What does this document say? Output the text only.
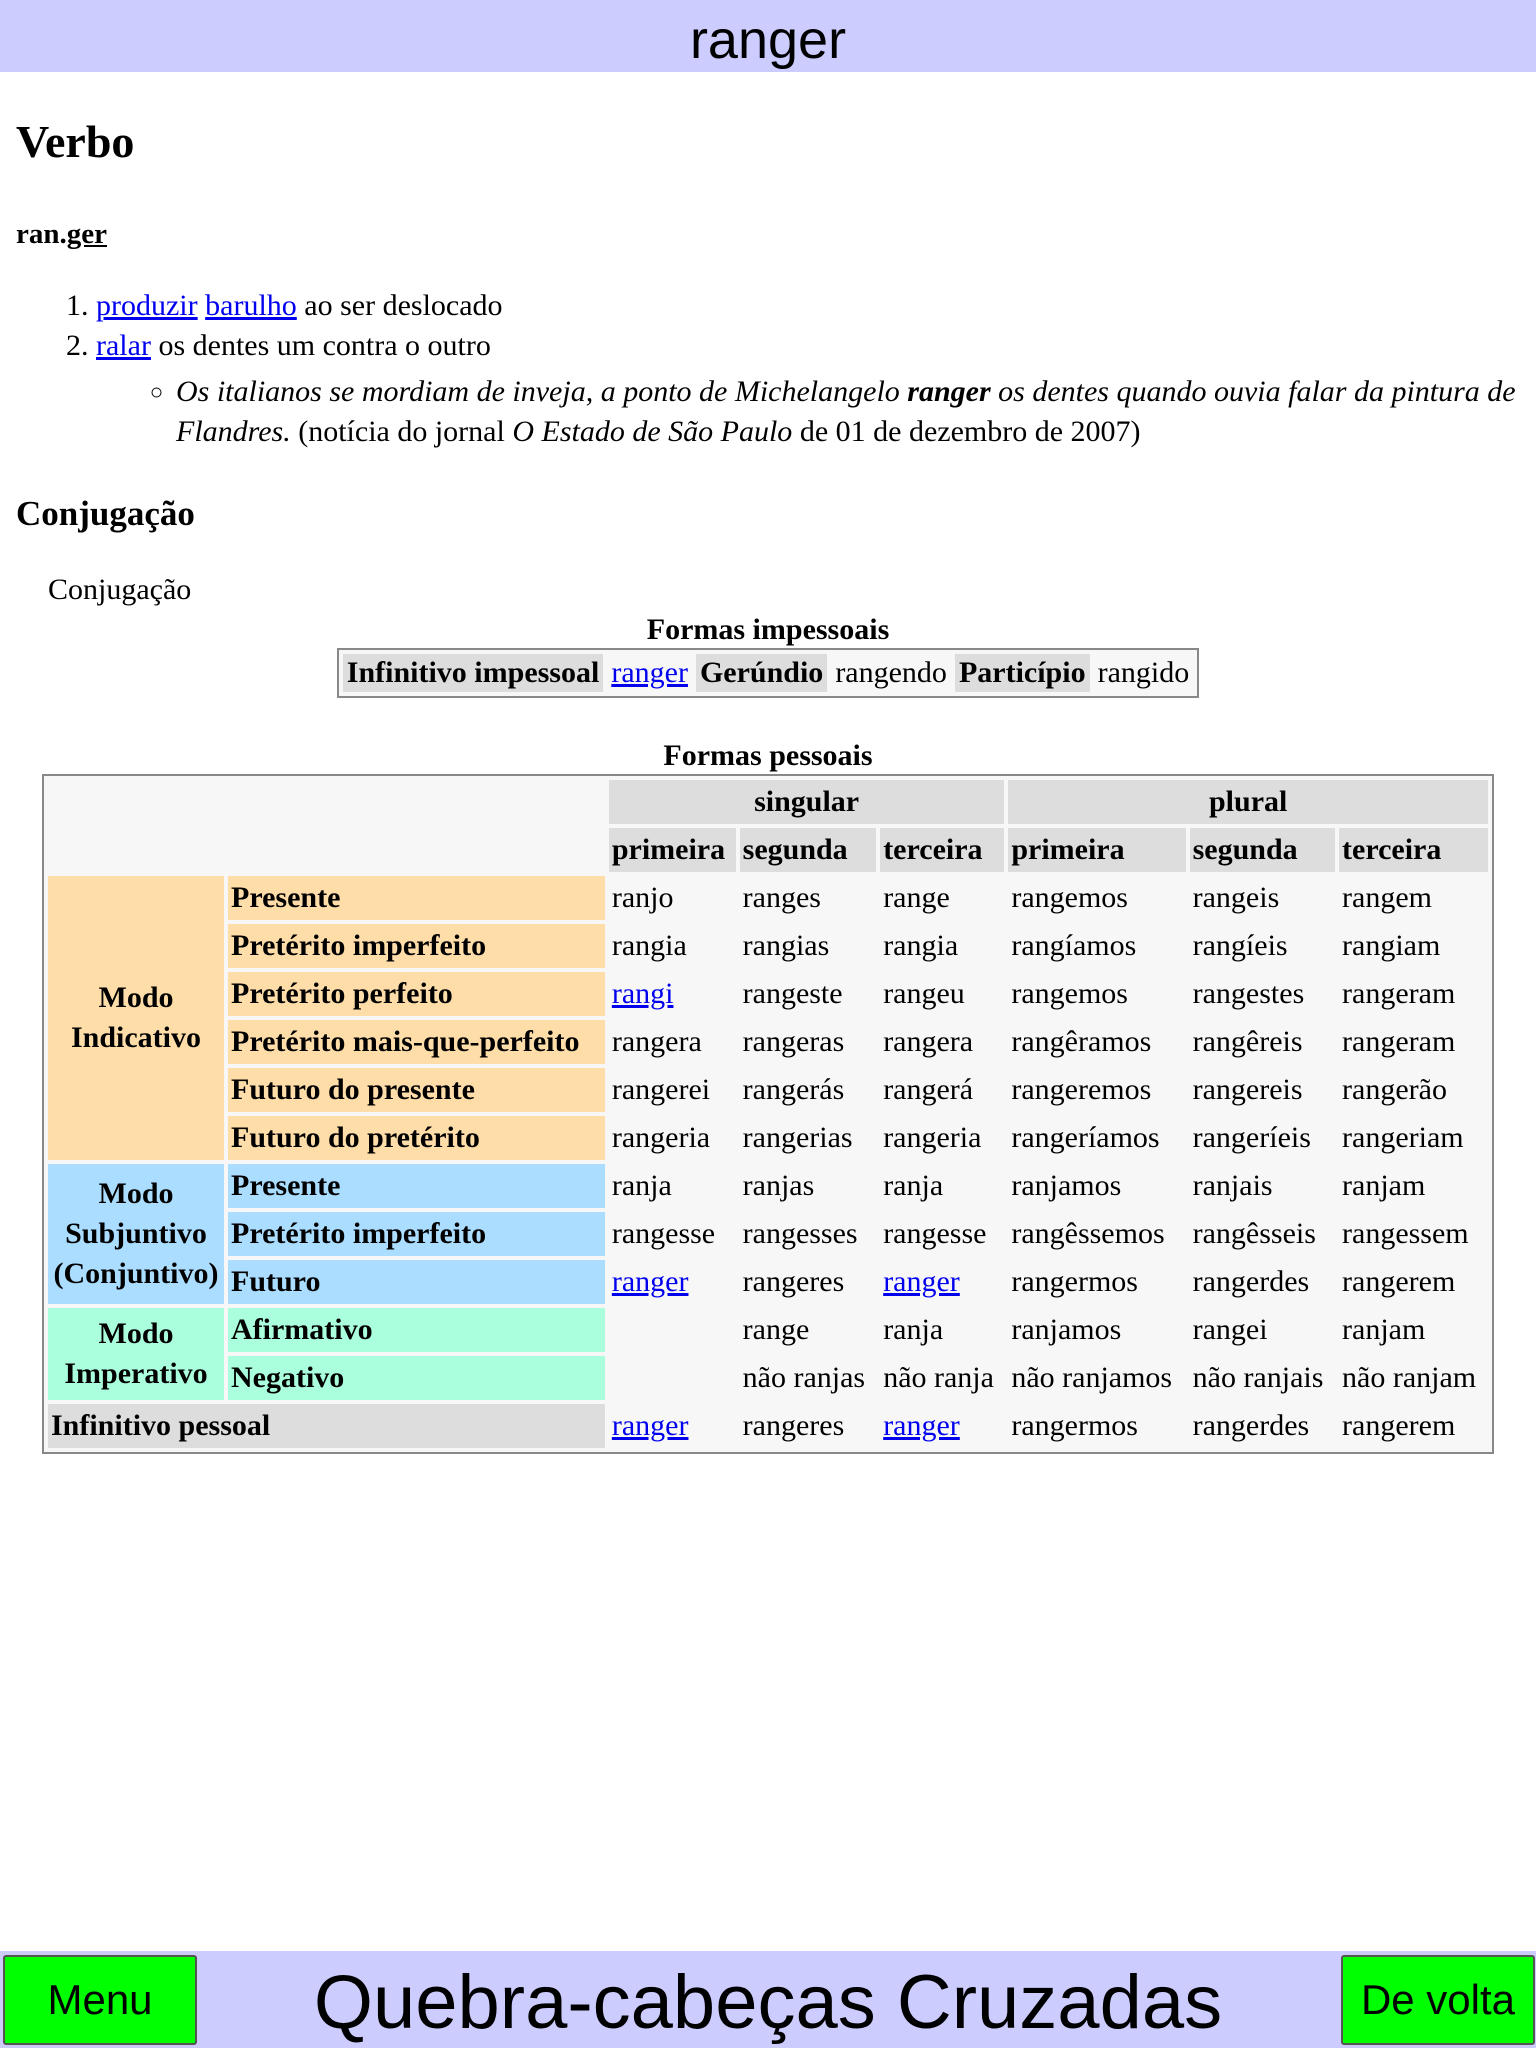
ranger
Verbo
ran.ger
1. produzir barulho ao ser deslocado
2. ralar os dentes um contra o outro
◦ Os italianos se mordiam de inveja, a ponto de Michelangelo ranger os dentes quando ouvia falar da pintura de Flandres. (notícia do jornal O Estado de São Paulo de 01 de dezembro de 2007)
Conjugação
Conjugação
Formas impessoais
Infinitivo impessoal	ranger	Gerúndio	rangendo	Particípio	rangido
Formas pessoais
		singular			plural		
		primeira	segunda	terceira	primeira	segunda	terceira
Modo Indicativo	Presente	ranjo	ranges	range	rangemos	rangeis	rangem
	Pretérito imperfeito	rangia	rangias	rangia	rangíamos	rangíeis	rangiam
	Pretérito perfeito	rangi	rangeste	rangeu	rangemos	rangestes	rangeram
	Pretérito mais-que-perfeito	rangera	rangeras	rangera	rangêramos	rangêreis	rangeram
	Futuro do presente	rangerei	rangerás	rangerá	rangeremos	rangereis	rangerão
	Futuro do pretérito	rangeria	rangerias	rangeria	rangeríamos	rangeríeis	rangeriam

Modo
Subjuntivo
(Conjuntivo)	Presente	ranja	ranjas	ranja	ranjamos	ranjais	ranjam
	Pretérito imperfeito	rangesse	rangesses	rangesse	rangêssemos	rangêsseis	rangessem
	Futuro	ranger	rangeres	ranger	rangermos	rangerdes	rangerem
Modo Imperativo	Afirmativo		range	ranja	ranjamos	rangei	ranjam
	Negativo		não ranjas	não ranja	não ranjamos	não ranjais	não ranjam
Infinitivo pessoal		ranger	rangeres	ranger	rangermos	rangerdes	rangerem
Menu	Quebra-cabeças Cruzadas	De volta
